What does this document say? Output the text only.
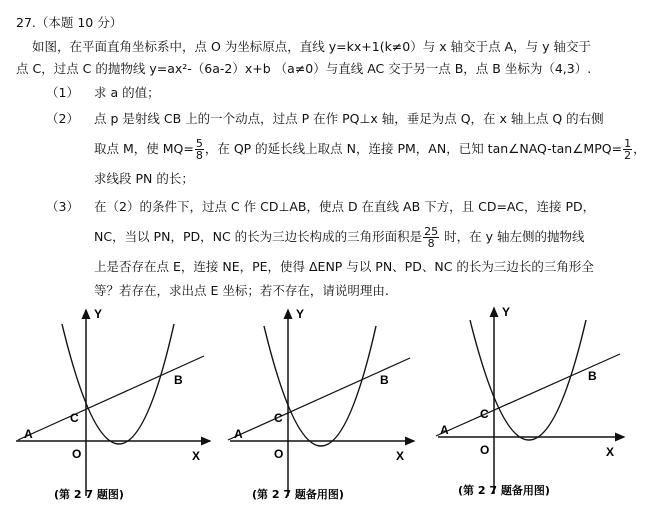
27.（本题 10 分）
如图，在平面直角坐标系中，点 O 为坐标原点，直线 y=kx+1(k≠0）与 x 轴交于点 A，与 y 轴交于
点 C，过点 C 的抛物线 y=ax²-（6a-2）x+b （a≠0）与直线 AC 交于另一点 B，点 B 坐标为（4,3）.
（1） 求 a 的值；
（2） 点 p 是射线 CB 上的一个动点，过点 P 在作 PQ⊥x 轴，垂足为点 Q，在 x 轴上点 Q 的右侧
取点 M，使 $MQ= \frac{5}{8}$ ，在 QP 的延长线上取点 N，连接 PM，AN，已知 tan∠NAQ-tan∠MPQ= $\frac{1}{2}$ ，
求线段 PN 的长；
（3） 在（2）的条件下，过点 C 作 CD⊥AB，使点 D 在直线 AB 下方，且 CD=AC，连接 PD，
NC，当以 PN，PD，NC 的长为三边长构成的三角形面积是 $\frac{25}{8}$ 时，在 y 轴左侧的抛物线
上是否存在点 E，连接 NE，PE，使得 ΔENP 与以 PN、PD、NC 的长为三边长的三角形全
等？若存在，求出点 E 坐标；若不存在，请说明理由.
Y
X
O
A
B
C
(第 2 7 题图)
Y
X
O
A
B
C
(第 2 7 题备用图)
Y
X
O
A
B
C
(第 2 7 题备用图)
